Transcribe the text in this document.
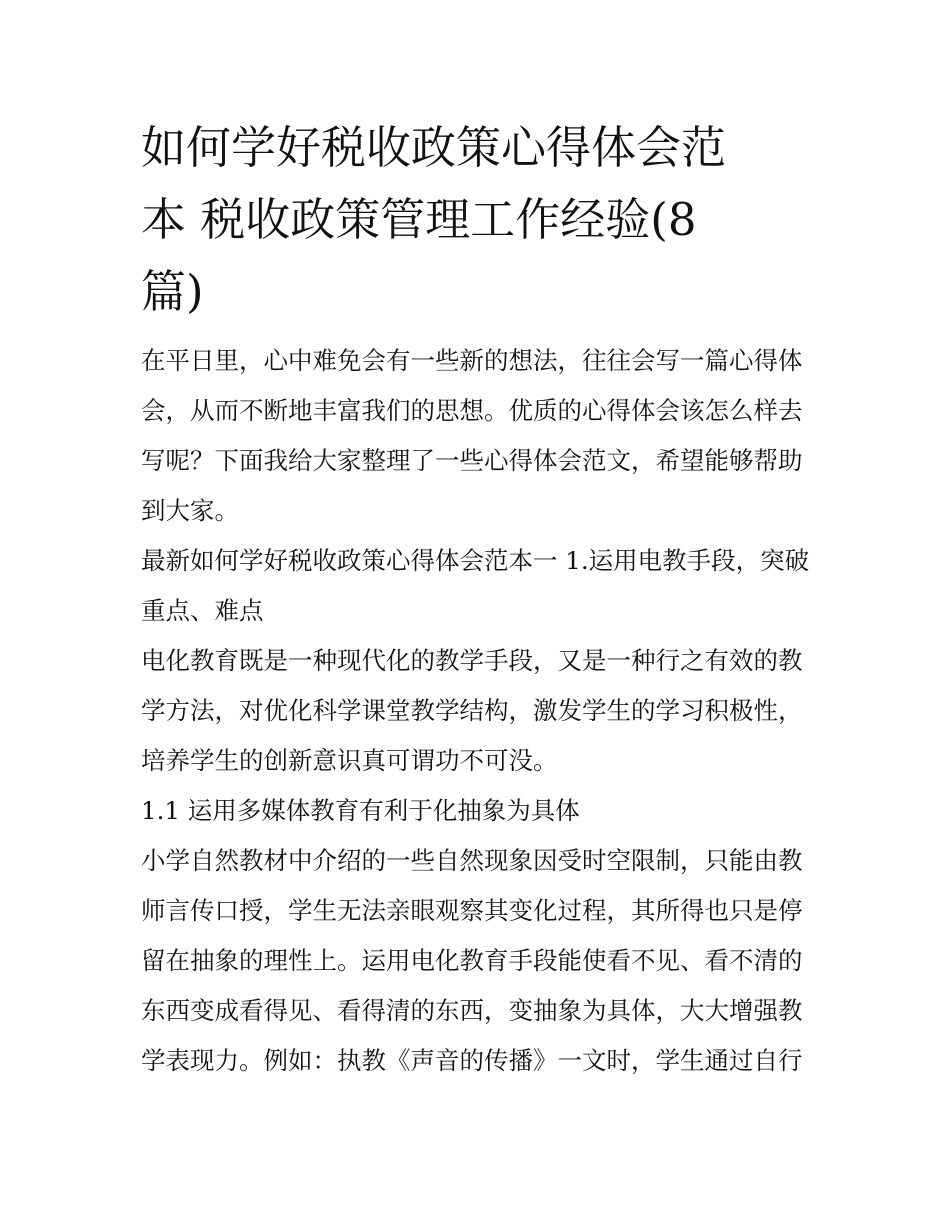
如何学好税收政策心得体会范
本 税收政策管理工作经验(8
篇)

在平日里，心中难免会有一些新的想法，往往会写一篇心得体
会，从而不断地丰富我们的思想。优质的心得体会该怎么样去
写呢？下面我给大家整理了一些心得体会范文，希望能够帮助
到大家。

最新如何学好税收政策心得体会范本一 1.运用电教手段，突破
重点、难点

电化教育既是一种现代化的教学手段，又是一种行之有效的教
学方法，对优化科学课堂教学结构，激发学生的学习积极性，
培养学生的创新意识真可谓功不可没。

1.1 运用多媒体教育有利于化抽象为具体

小学自然教材中介绍的一些自然现象因受时空限制，只能由教
师言传口授，学生无法亲眼观察其变化过程，其所得也只是停
留在抽象的理性上。运用电化教育手段能使看不见、看不清的
东西变成看得见、看得清的东西，变抽象为具体，大大增强教
学表现力。例如：执教《声音的传播》一文时，学生通过自行
